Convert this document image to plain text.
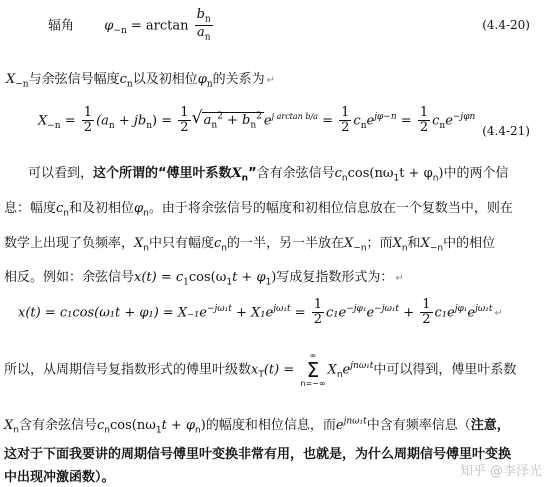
辐角 $\varphi_{-n} = \arctan \frac{b_n}{a_n}$	(4.4-20)
$X_{-n}$与余弦信号幅度$c_n$以及初相位$\varphi_n$的关系为 ↵
$X_{-n} = \frac{1}{2} (a_n + jb_n) = \frac{1}{2}$
√ $a_n^2 + b_n^2$ $e^{j arctan b/a} = \frac{1}{2} c_ne^{j\varphi-n} = \frac{1}{2} c_ne^{-j\varphi n}$
(4.4-21)
可以看到，这个所谓的“傅里叶系数$X_n$”含有余弦信号$c_n\cos(n\omega_1t + \varphi_n)$中的两个信
息：幅度$c_n$和及初相位$\varphi_n$。由于将余弦信号的幅度和初相位信息放在一个复数当中，则在
数学上出现了负频率，$X_n$中只有幅度$c_n$的一半，另一半放在$X_{-n}$；而$X_n$和$X_{-n}$中的相位
相反。例如：余弦信号$x(t) = c_1\cos(\omega_1t + \varphi_1)$写成复指数形式为： ↵
$x(t) = c_1\cos(\omega_1t + \varphi_1) = X_{-1}e^{-j\omega_1t} + X_1e^{j\omega_1t} = \frac{1}{2} c_1e^{-j\varphi_1}e^{-j\omega_1t} + \frac{1}{2} c_1e^{j\varphi_1}e^{j\omega_1t}$ ↵
所以，从周期信号复指数形式的傅里叶级数$x_T(t)$ =
∞
Σ
n=−∞
$X_ne^{jn\omega_1t}$中可以得到，傅里叶系数
$X_n$含有余弦信号$c_n\cos(n\omega_1t + \varphi_n)$的幅度和相位信息，而$e^{jn\omega_1t}$中含有频率信息（注意，
这对于下面我要讲的周期信号傅里叶变换非常有用，也就是，为什么周期信号傅里叶变换
中出现冲激函数）。	知乎 @李泽光
